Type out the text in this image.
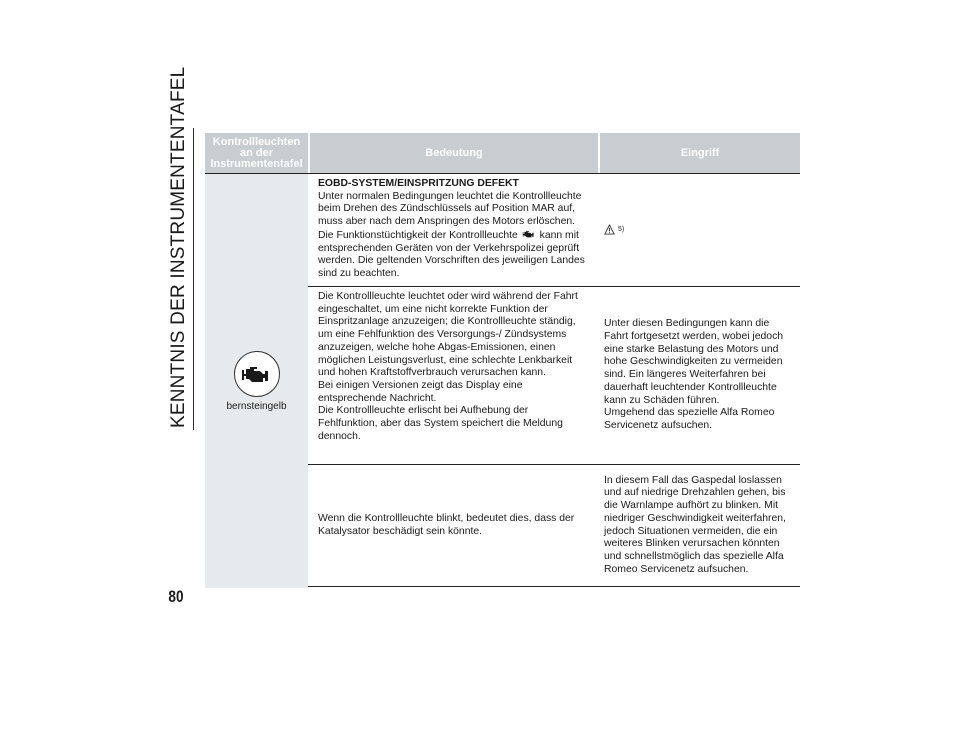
KENNTNIS DER INSTRUMENTENTAFEL
80
Kontrollleuchten an der Instrumententafel
Bedeutung	Eingriff
bernsteingelb
EOBD-SYSTEM/EINSPRITZUNG DEFEKT
Unter normalen Bedingungen leuchtet die Kontrollleuchte beim Drehen des Zündschlüssels auf Position MAR auf, muss aber nach dem Anspringen des Motors erlöschen. Die Funktionstüchtigkeit der Kontrollleuchte kann mit entsprechenden Geräten von der Verkehrspolizei geprüft werden. Die geltenden Vorschriften des jeweiligen Landes sind zu beachten.
5)
Die Kontrollleuchte leuchtet oder wird während der Fahrt eingeschaltet, um eine nicht korrekte Funktion der Einspritzanlage anzuzeigen; die Kontrollleuchte ständig, um eine Fehlfunktion des Versorgungs-/ Zündsystems anzuzeigen, welche hohe Abgas-Emissionen, einen möglichen Leistungsverlust, eine schlechte Lenkbarkeit und hohen Kraftstoffverbrauch verursachen kann.
Bei einigen Versionen zeigt das Display eine entsprechende Nachricht.
Die Kontrollleuchte erlischt bei Aufhebung der Fehlfunktion, aber das System speichert die Meldung dennoch.
Unter diesen Bedingungen kann die Fahrt fortgesetzt werden, wobei jedoch eine starke Belastung des Motors und hohe Geschwindigkeiten zu vermeiden sind. Ein längeres Weiterfahren bei dauerhaft leuchtender Kontrollleuchte kann zu Schäden führen.
Umgehend das spezielle Alfa Romeo Servicenetz aufsuchen.
Wenn die Kontrollleuchte blinkt, bedeutet dies, dass der Katalysator beschädigt sein könnte.
In diesem Fall das Gaspedal loslassen und auf niedrige Drehzahlen gehen, bis die Warnlampe aufhört zu blinken. Mit niedriger Geschwindigkeit weiterfahren, jedoch Situationen vermeiden, die ein weiteres Blinken verursachen könnten und schnellstmöglich das spezielle Alfa Romeo Servicenetz aufsuchen.
